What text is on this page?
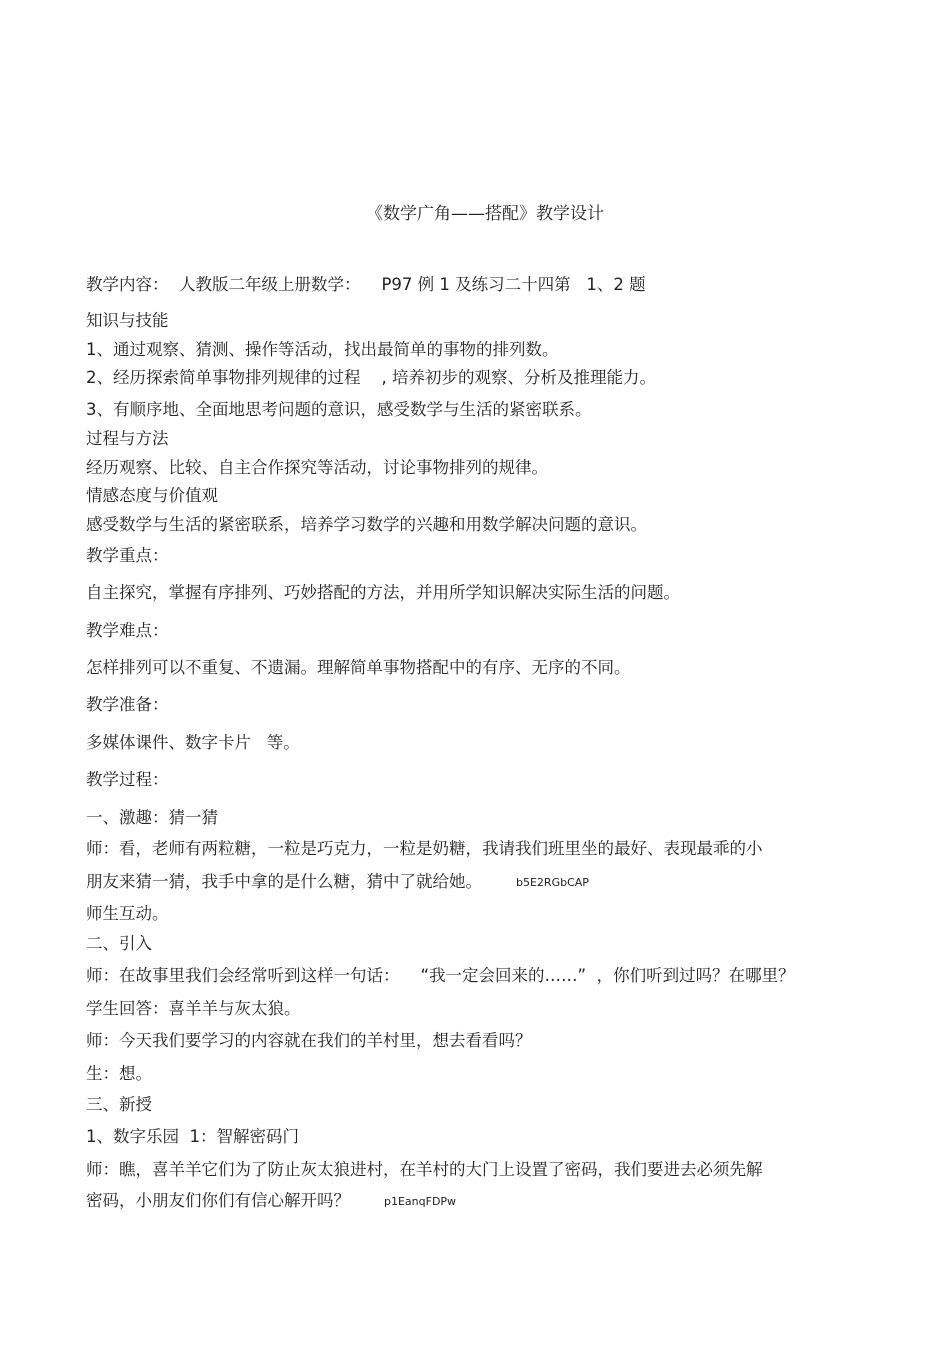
《数学广角——搭配》教学设计
教学内容：  人教版二年级上册数学：    P97 例 1 及练习二十四第   1、2 题
知识与技能
1、通过观察、猜测、操作等活动，找出最简单的事物的排列数。
2、经历探索简单事物排列规律的过程    , 培养初步的观察、分析及推理能力。
3、有顺序地、全面地思考问题的意识，感受数学与生活的紧密联系。
过程与方法
经历观察、比较、自主合作探究等活动，讨论事物排列的规律。
情感态度与价值观
感受数学与生活的紧密联系，培养学习数学的兴趣和用数学解决问题的意识。
教学重点：
自主探究，掌握有序排列、巧妙搭配的方法，并用所学知识解决实际生活的问题。
教学难点：
怎样排列可以不重复、不遗漏。理解简单事物搭配中的有序、无序的不同。
教学准备：
多媒体课件、数字卡片   等。
教学过程：
一、激趣：猜一猜
师：看，老师有两粒糖，一粒是巧克力，一粒是奶糖，我请我们班里坐的最好、表现最乖的小
朋友来猜一猜，我手中拿的是什么糖，猜中了就给她。	b5E2RGbCAP
师生互动。
二、引入
师：在故事里我们会经常听到这样一句话：    “我一定会回来的……”  ，你们听到过吗？在哪里？
学生回答：喜羊羊与灰太狼。
师：今天我们要学习的内容就在我们的羊村里，想去看看吗？
生：想。
三、新授
1、数字乐园  1：智解密码门
师：瞧，喜羊羊它们为了防止灰太狼进村，在羊村的大门上设置了密码，我们要进去必须先解
密码，小朋友们你们有信心解开吗？	p1EanqFDPw
